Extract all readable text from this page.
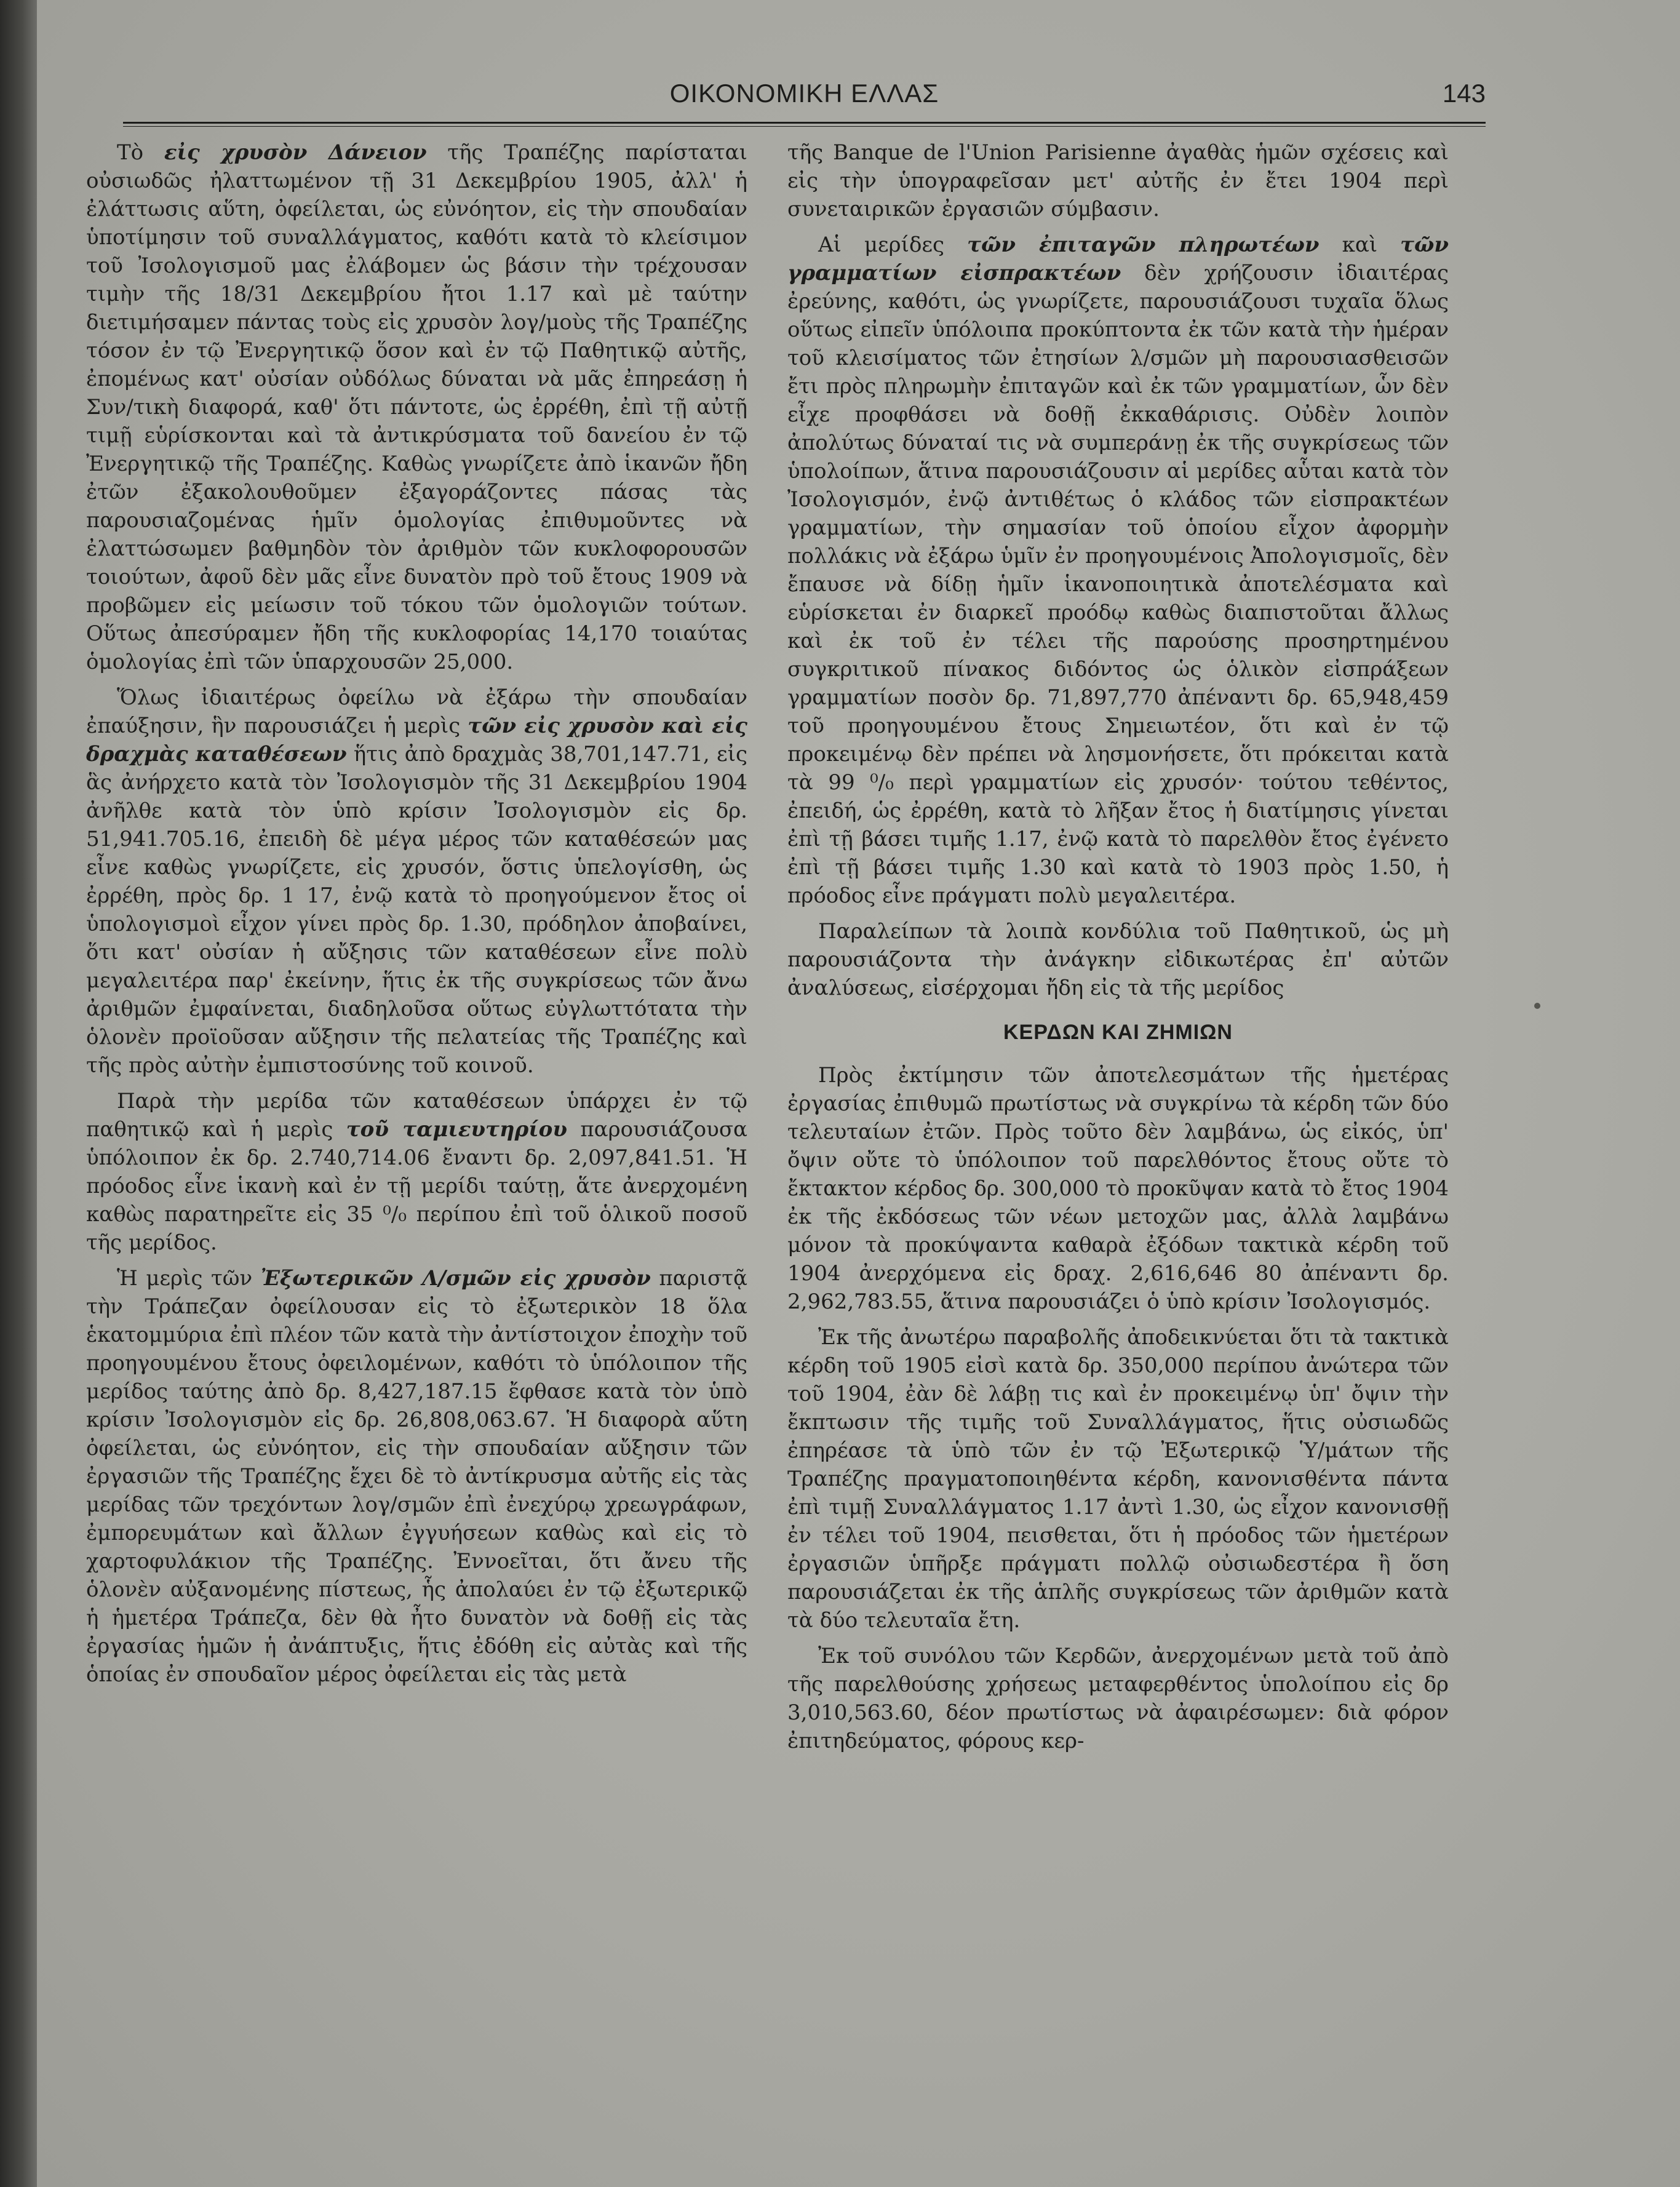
ΟΙΚΟΝΟΜΙΚΗ ΕΛΛΑΣ	143

Τὸ εἰς χρυσὸν Δάνειον τῆς Τραπέζης παρίσταται οὐσιωδῶς ἠλαττωμένον τῇ 31 Δεκεμβρίου 1905, ἀλλ' ἡ ἐλάττωσις αὕτη, ὀφείλεται, ὡς εὐνόητον, εἰς τὴν σπουδαίαν ὑποτίμησιν τοῦ συναλλάγματος, καθότι κατὰ τὸ κλείσιμον τοῦ Ἰσολογισμοῦ μας ἐλάβομεν ὡς βάσιν τὴν τρέχουσαν τιμὴν τῆς 18/31 Δεκεμβρίου ἤτοι 1.17 καὶ μὲ ταύτην διετιμήσαμεν πάντας τοὺς εἰς χρυσὸν λογ/μοὺς τῆς Τραπέζης τόσον ἐν τῷ Ἐνεργητικῷ ὅσον καὶ ἐν τῷ Παθητικῷ αὐτῆς, ἐπομένως κατ' οὐσίαν οὐδόλως δύναται νὰ μᾶς ἐπηρεάσῃ ἡ Συν/τικὴ διαφορά, καθ' ὅτι πάντοτε, ὡς ἐρρέθη, ἐπὶ τῇ αὐτῇ τιμῇ εὑρίσκονται καὶ τὰ ἀντικρύσματα τοῦ δανείου ἐν τῷ Ἐνεργητικῷ τῆς Τραπέζης. Καθὼς γνωρίζετε ἀπὸ ἱκανῶν ἤδη ἐτῶν ἐξακολουθοῦμεν ἐξαγοράζοντες πάσας τὰς παρουσιαζομένας ἡμῖν ὁμολογίας ἐπιθυμοῦντες νὰ ἐλαττώσωμεν βαθμηδὸν τὸν ἀριθμὸν τῶν κυκλοφορουσῶν τοιούτων, ἀφοῦ δὲν μᾶς εἶνε δυνατὸν πρὸ τοῦ ἔτους 1909 νὰ προβῶμεν εἰς μείωσιν τοῦ τόκου τῶν ὁμολογιῶν τούτων. Οὕτως ἀπεσύραμεν ἤδη τῆς κυκλοφορίας 14,170 τοιαύτας ὁμολογίας ἐπὶ τῶν ὑπαρχουσῶν 25,000.

Ὅλως ἰδιαιτέρως ὀφείλω νὰ ἐξάρω τὴν σπουδαίαν ἐπαύξησιν, ἣν παρουσιάζει ἡ μερὶς τῶν εἰς χρυσὸν καὶ εἰς δραχμὰς καταθέσεων ἥτις ἀπὸ δραχμὰς 38,701,147.71, εἰς ἃς ἀνήρχετο κατὰ τὸν Ἰσολογισμὸν τῆς 31 Δεκεμβρίου 1904 ἀνῆλθε κατὰ τὸν ὑπὸ κρίσιν Ἰσολογισμὸν εἰς δρ. 51,941.705.16, ἐπειδὴ δὲ μέγα μέρος τῶν καταθέσεών μας εἶνε καθὼς γνωρίζετε, εἰς χρυσόν, ὅστις ὑπελογίσθη, ὡς ἐρρέθη, πρὸς δρ. 1 17, ἐνῷ κατὰ τὸ προηγούμενον ἔτος οἱ ὑπολογισμοὶ εἶχον γίνει πρὸς δρ. 1.30, πρόδηλον ἀποβαίνει, ὅτι κατ' οὐσίαν ἡ αὔξησις τῶν καταθέσεων εἶνε πολὺ μεγαλειτέρα παρ' ἐκείνην, ἥτις ἐκ τῆς συγκρίσεως τῶν ἄνω ἀριθμῶν ἐμφαίνεται, διαδηλοῦσα οὕτως εὐγλωττότατα τὴν ὁλονὲν προϊοῦσαν αὔξησιν τῆς πελατείας τῆς Τραπέζης καὶ τῆς πρὸς αὐτὴν ἐμπιστοσύνης τοῦ κοινοῦ.

Παρὰ τὴν μερίδα τῶν καταθέσεων ὑπάρχει ἐν τῷ παθητικῷ καὶ ἡ μερὶς τοῦ ταμιευτηρίου παρουσιάζουσα ὑπόλοιπον ἐκ δρ. 2.740,714.06 ἔναντι δρ. 2,097,841.51. Ἡ πρόοδος εἶνε ἱκανὴ καὶ ἐν τῇ μερίδι ταύτῃ, ἅτε ἀνερχομένη καθὼς παρατηρεῖτε εἰς 35 ⁰/₀ περίπου ἐπὶ τοῦ ὁλικοῦ ποσοῦ τῆς μερίδος.

Ἡ μερὶς τῶν Ἐξωτερικῶν Λ/σμῶν εἰς χρυσὸν παριστᾷ τὴν Τράπεζαν ὀφείλουσαν εἰς τὸ ἐξωτερικὸν 18 ὅλα ἑκατομμύρια ἐπὶ πλέον τῶν κατὰ τὴν ἀντίστοιχον ἐποχὴν τοῦ προηγουμένου ἔτους ὀφειλομένων, καθότι τὸ ὑπόλοιπον τῆς μερίδος ταύτης ἀπὸ δρ. 8,427,187.15 ἔφθασε κατὰ τὸν ὑπὸ κρίσιν Ἰσολογισμὸν εἰς δρ. 26,808,063.67. Ἡ διαφορὰ αὕτη ὀφείλεται, ὡς εὐνόητον, εἰς τὴν σπουδαίαν αὔξησιν τῶν ἐργασιῶν τῆς Τραπέζης ἔχει δὲ τὸ ἀντίκρυσμα αὐτῆς εἰς τὰς μερίδας τῶν τρεχόντων λογ/σμῶν ἐπὶ ἐνεχύρῳ χρεωγράφων, ἐμπορευμάτων καὶ ἄλλων ἐγγυήσεων καθὼς καὶ εἰς τὸ χαρτοφυλάκιον τῆς Τραπέζης. Ἐννοεῖται, ὅτι ἄνευ τῆς ὁλονὲν αὐξανομένης πίστεως, ἧς ἀπολαύει ἐν τῷ ἐξωτερικῷ ἡ ἡμετέρα Τράπεζα, δὲν θὰ ἦτο δυνατὸν νὰ δοθῇ εἰς τὰς ἐργασίας ἡμῶν ἡ ἀνάπτυξις, ἥτις ἐδόθη εἰς αὐτὰς καὶ τῆς ὁποίας ἐν σπουδαῖον μέρος ὀφείλεται εἰς τὰς μετὰ

τῆς Banque de l'Union Parisienne ἀγαθὰς ἡμῶν σχέσεις καὶ εἰς τὴν ὑπογραφεῖσαν μετ' αὐτῆς ἐν ἔτει 1904 περὶ συνεταιρικῶν ἐργασιῶν σύμβασιν.

Αἱ μερίδες τῶν ἐπιταγῶν πληρωτέων καὶ τῶν γραμματίων εἰσπρακτέων δὲν χρήζουσιν ἰδιαιτέρας ἐρεύνης, καθότι, ὡς γνωρίζετε, παρουσιάζουσι τυχαῖα ὅλως οὕτως εἰπεῖν ὑπόλοιπα προκύπτοντα ἐκ τῶν κατὰ τὴν ἡμέραν τοῦ κλεισίματος τῶν ἐτησίων λ/σμῶν μὴ παρουσιασθεισῶν ἔτι πρὸς πληρωμὴν ἐπιταγῶν καὶ ἐκ τῶν γραμματίων, ὧν δὲν εἶχε προφθάσει νὰ δοθῇ ἐκκαθάρισις. Οὐδὲν λοιπὸν ἀπολύτως δύναταί τις νὰ συμπεράνῃ ἐκ τῆς συγκρίσεως τῶν ὑπολοίπων, ἅτινα παρουσιάζουσιν αἱ μερίδες αὗται κατὰ τὸν Ἰσολογισμόν, ἐνῷ ἀντιθέτως ὁ κλάδος τῶν εἰσπρακτέων γραμματίων, τὴν σημασίαν τοῦ ὁποίου εἶχον ἀφορμὴν πολλάκις νὰ ἐξάρω ὑμῖν ἐν προηγουμένοις Ἀπολογισμοῖς, δὲν ἔπαυσε νὰ δίδῃ ἡμῖν ἱκανοποιητικὰ ἀποτελέσματα καὶ εὑρίσκεται ἐν διαρκεῖ προόδῳ καθὼς διαπιστοῦται ἄλλως καὶ ἐκ τοῦ ἐν τέλει τῆς παρούσης προσηρτημένου συγκριτικοῦ πίνακος διδόντος ὡς ὁλικὸν εἰσπράξεων γραμματίων ποσὸν δρ. 71,897,770 ἀπέναντι δρ. 65,948,459 τοῦ προηγουμένου ἔτους Σημειωτέον, ὅτι καὶ ἐν τῷ προκειμένῳ δὲν πρέπει νὰ λησμονήσετε, ὅτι πρόκειται κατὰ τὰ 99 ⁰/₀ περὶ γραμματίων εἰς χρυσόν· τούτου τεθέντος, ἐπειδή, ὡς ἐρρέθη, κατὰ τὸ λῆξαν ἔτος ἡ διατίμησις γίνεται ἐπὶ τῇ βάσει τιμῆς 1.17, ἐνῷ κατὰ τὸ παρελθὸν ἔτος ἐγένετο ἐπὶ τῇ βάσει τιμῆς 1.30 καὶ κατὰ τὸ 1903 πρὸς 1.50, ἡ πρόοδος εἶνε πράγματι πολὺ μεγαλειτέρα.

Παραλείπων τὰ λοιπὰ κονδύλια τοῦ Παθητικοῦ, ὡς μὴ παρουσιάζοντα τὴν ἀνάγκην εἰδικωτέρας ἐπ' αὐτῶν ἀναλύσεως, εἰσέρχομαι ἤδη εἰς τὰ τῆς μερίδος

ΚΕΡΔΩΝ ΚΑΙ ΖΗΜΙΩΝ

Πρὸς ἐκτίμησιν τῶν ἀποτελεσμάτων τῆς ἡμετέρας ἐργασίας ἐπιθυμῶ πρωτίστως νὰ συγκρίνω τὰ κέρδη τῶν δύο τελευταίων ἐτῶν. Πρὸς τοῦτο δὲν λαμβάνω, ὡς εἰκός, ὑπ' ὄψιν οὔτε τὸ ὑπόλοιπον τοῦ παρελθόντος ἔτους οὔτε τὸ ἔκτακτον κέρδος δρ. 300,000 τὸ προκῦψαν κατὰ τὸ ἔτος 1904 ἐκ τῆς ἐκδόσεως τῶν νέων μετοχῶν μας, ἀλλὰ λαμβάνω μόνον τὰ προκύψαντα καθαρὰ ἐξόδων τακτικὰ κέρδη τοῦ 1904 ἀνερχόμενα εἰς δραχ. 2,616,646 80 ἀπέναντι δρ. 2,962,783.55, ἅτινα παρουσιάζει ὁ ὑπὸ κρίσιν Ἰσολογισμός.

Ἐκ τῆς ἀνωτέρω παραβολῆς ἀποδεικνύεται ὅτι τὰ τακτικὰ κέρδη τοῦ 1905 εἰσὶ κατὰ δρ. 350,000 περίπου ἀνώτερα τῶν τοῦ 1904, ἐὰν δὲ λάβῃ τις καὶ ἐν προκειμένῳ ὑπ' ὄψιν τὴν ἔκπτωσιν τῆς τιμῆς τοῦ Συναλλάγματος, ἥτις οὐσιωδῶς ἐπηρέασε τὰ ὑπὸ τῶν ἐν τῷ Ἐξωτερικῷ Ὑ/μάτων τῆς Τραπέζης πραγματοποιηθέντα κέρδη, κανονισθέντα πάντα ἐπὶ τιμῇ Συναλλάγματος 1.17 ἀντὶ 1.30, ὡς εἶχον κανονισθῇ ἐν τέλει τοῦ 1904, πεισθεται, ὅτι ἡ πρόοδος τῶν ἡμετέρων ἐργασιῶν ὑπῆρξε πράγματι πολλῷ οὐσιωδεστέρα ἢ ὅση παρουσιάζεται ἐκ τῆς ἁπλῆς συγκρίσεως τῶν ἀριθμῶν κατὰ τὰ δύο τελευταῖα ἔτη.

Ἐκ τοῦ συνόλου τῶν Κερδῶν, ἀνερχομένων μετὰ τοῦ ἀπὸ τῆς παρελθούσης χρήσεως μεταφερθέντος ὑπολοίπου εἰς δρ 3,010,563.60, δέον πρωτίστως νὰ ἀφαιρέσωμεν: διὰ φόρον ἐπιτηδεύματος, φόρους κερ-
